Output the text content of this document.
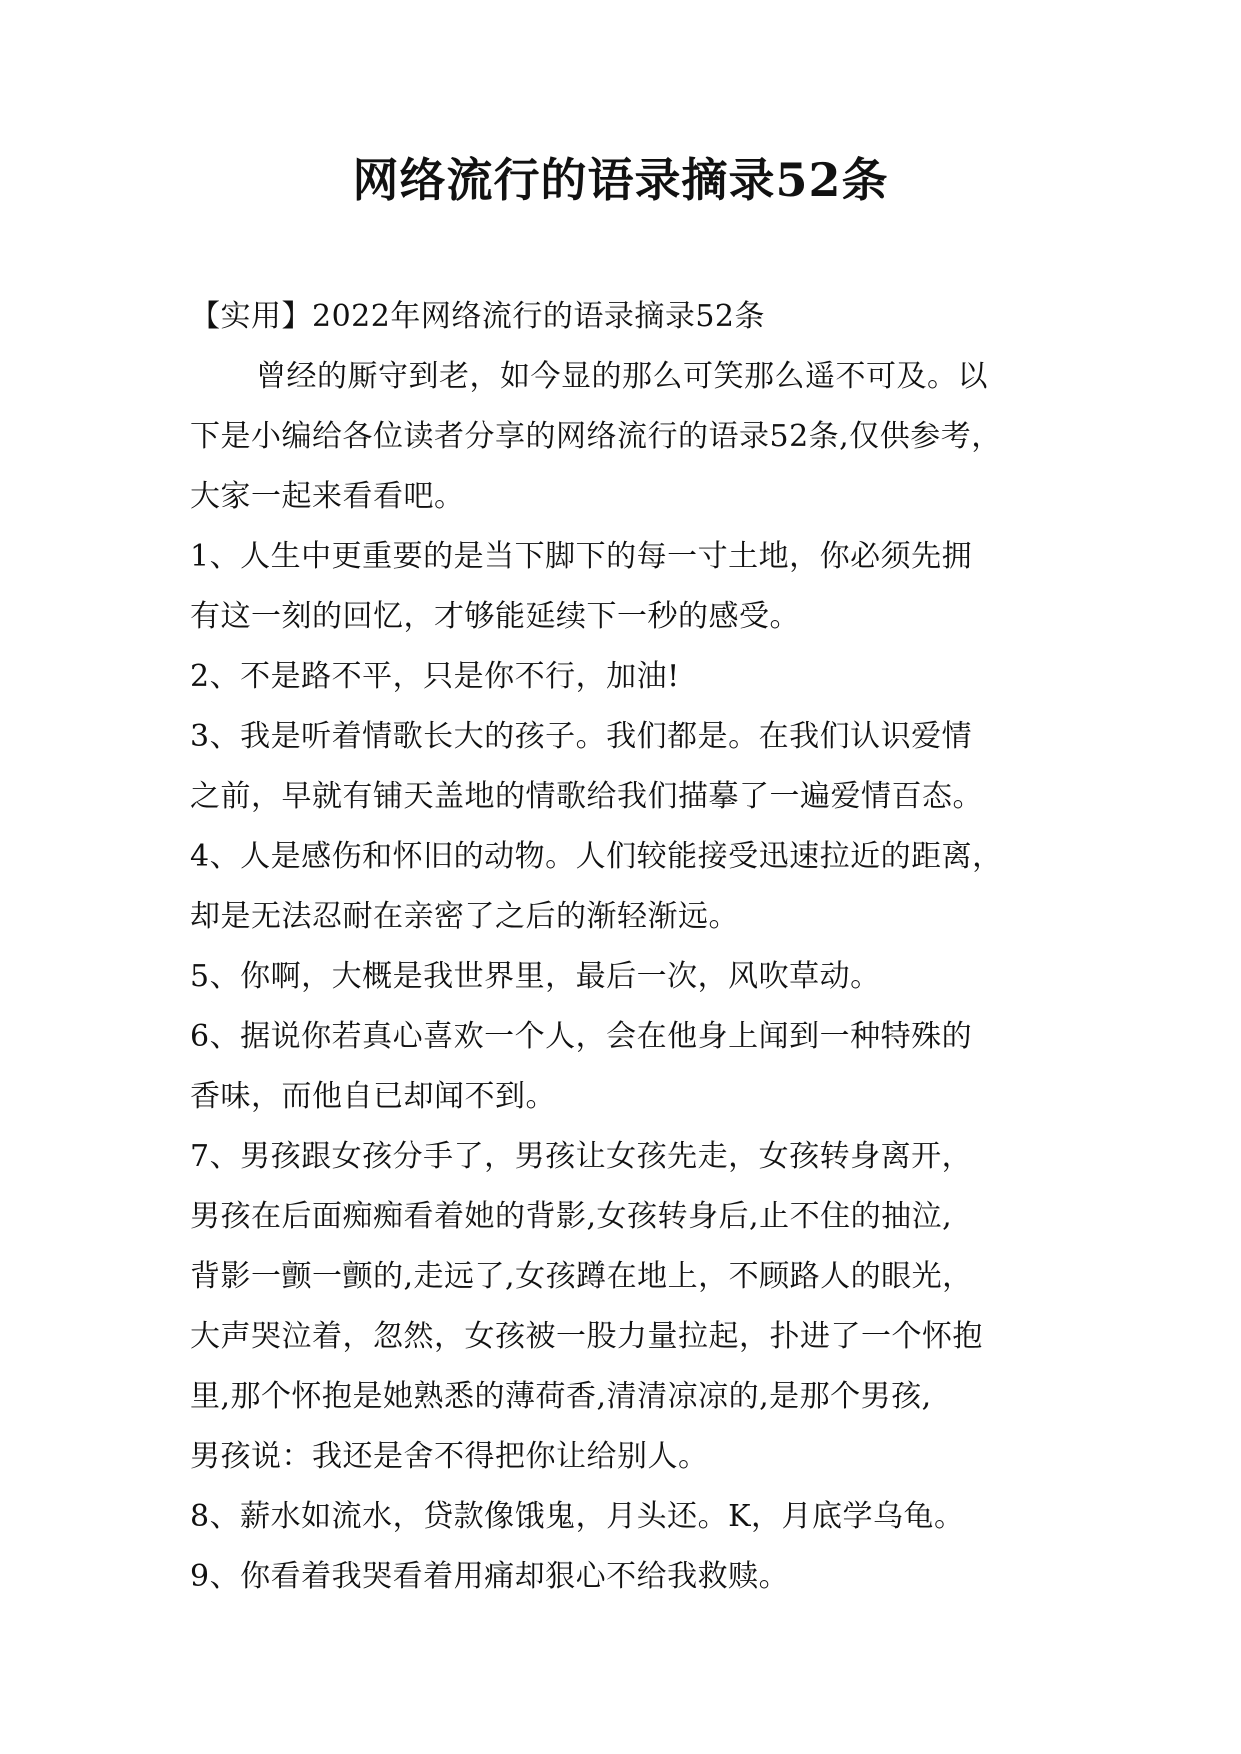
网络流行的语录摘录52条
【实用】2022年网络流行的语录摘录52条
曾经的厮守到老，如今显的那么可笑那么遥不可及。以
下是小编给各位读者分享的网络流行的语录52条,仅供参考，
大家一起来看看吧。
1、人生中更重要的是当下脚下的每一寸土地，你必须先拥
有这一刻的回忆，才够能延续下一秒的感受。
2、不是路不平，只是你不行，加油!
3、我是听着情歌长大的孩子。我们都是。在我们认识爱情
之前，早就有铺天盖地的情歌给我们描摹了一遍爱情百态。
4、人是感伤和怀旧的动物。人们较能接受迅速拉近的距离，
却是无法忍耐在亲密了之后的渐轻渐远。
5、你啊，大概是我世界里，最后一次，风吹草动。
6、据说你若真心喜欢一个人，会在他身上闻到一种特殊的
香味，而他自已却闻不到。
7、男孩跟女孩分手了，男孩让女孩先走，女孩转身离开，
男孩在后面痴痴看着她的背影,女孩转身后,止不住的抽泣,
背影一颤一颤的,走远了,女孩蹲在地上，不顾路人的眼光，
大声哭泣着，忽然，女孩被一股力量拉起，扑进了一个怀抱
里,那个怀抱是她熟悉的薄荷香,清清凉凉的,是那个男孩,
男孩说：我还是舍不得把你让给别人。
8、薪水如流水，贷款像饿鬼，月头还。K，月底学乌龟。
9、你看着我哭看着用痛却狠心不给我救赎。
